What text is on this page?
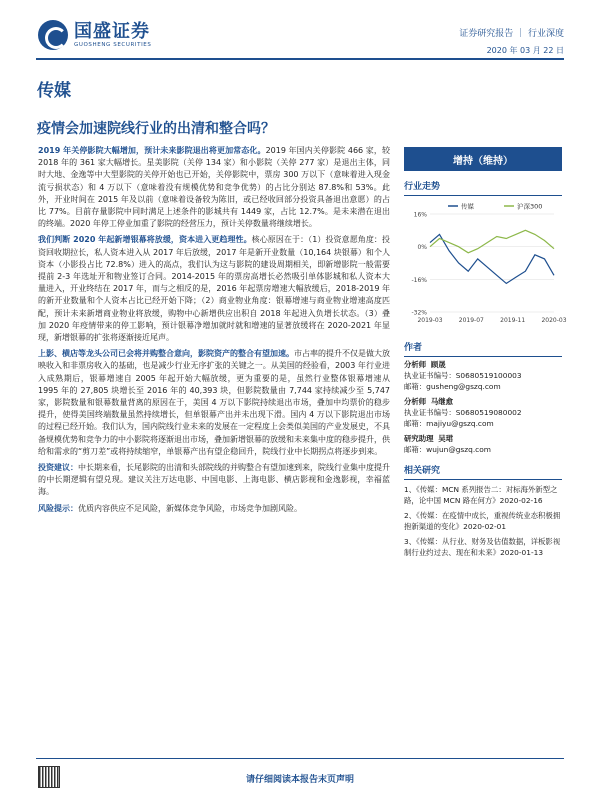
国盛证券
GUOSHENG SECURITIES
证券研究报告 ｜ 行业深度
2020 年 03 月 22 日
传媒
疫情会加速院线行业的出清和整合吗？

2019 年关停影院大幅增加，预计未来影院退出将更加常态化。2019 年国内关停影院 466 家，较 2018 年的 361 家大幅增长。星美影院（关停 134 家）和小影院（关停 277 家）是退出主体，同时大地、金逸等中大型影院的关停开始也已开始，关停影院中，票房 300 万以下（意味着进入现金流亏损状态）和 4 万以下（意味着没有规模优势和竞争优势）的占比分别达 87.8%和 53%。此外，开业时间在 2015 年及以前（意味着设备较为陈旧，或已经收回部分投资具备退出意愿）的占比 77%。目前存量影院中同时满足上述条件的影城共有 1449 家，占比 12.7%。是未来潜在退出的终端。2020 年停工停业加重了影院的经营压力，预计关停数量将继续增长。

我们判断 2020 年起新增银幕将放缓，资本进入更趋理性。核心原因在于：（1）投资意愿角度：投资回收期拉长，私人资本进入从 2017 年后放缓，2017 年是新开业数量（10,164 块银幕）和个人资本（小影投占比 72.8%）进入的高点，我们认为这与影院的建设周期相关，即新增影院一般需要提前 2-3 年选址开和物业签订合同。2014-2015 年的票房高增长必然吸引单体影城和私人资本大量进入，开业终结在 2017 年，而与之相反的是，2016 年起票房增速大幅放缓后，2018-2019 年的新开业数量和个人资本占比已经开始下降；（2）商业物业角度：银幕增速与商业物业增速高度匹配，预计未来新增商业物业将放缓，购物中心新增供应出积自 2018 年起进入负增长状态。（3）叠加 2020 年疫情带来的停工影响，预计银幕净增加就时就和增速的显著放缓将在 2020-2021 年显现，新增银幕的扩张将逐渐接近尾声。

上影、横店等龙头公司已会将并购整合意向，影院资产的整合有望加速。市占率的提升不仅是做大放映收入和非票房收入的基础，也是减少行业无序扩张的关键之一。从美国的经验看，2003 年行业进入成熟期后，银幕增速自 2005 年起开始大幅放缓，更为重要的是，虽然行业整体银幕增速从 1995 年的 27,805 块增长至 2016 年的 40,393 块，但影院数量由 7,744 家持续减少至 5,747 家，影院数量和银幕数量背离的原因在于，美国 4 万以下影院持续退出市场，叠加中均票价的稳步提升，使得美国终端数量虽然持续增长，但单银幕产出并未出现下滑。国内 4 万以下影院退出市场的过程已经开始。我们认为，国内院线行业未来的发展在一定程度上会类似美国的产业发展史，不具备规模优势和竞争力的中小影院将逐渐退出市场，叠加新增银幕的放缓和未来集中度的稳步提升，供给和需求的“剪刀差”或将持续缩窄，单银幕产出有望企稳回升，院线行业中长期拐点将逐步到来。

投资建议：中长期来看，长尾影院的出清和头部院线的并购整合有望加速到来，院线行业集中度提升的中长期逻辑有望兑现。建议关注万达电影、中国电影、上海电影、横店影视和金逸影视，幸福蓝海。

风险提示：优质内容供应不足风险，新媒体竞争风险，市场竞争加剧风险。

增持（维持）
行业走势
16%
0%
-16%
-32%
2019-03	2019-07	2019-11	2020-03
传媒	沪深300
作者
分析师 顾晟
执业证书编号：S0680519100003
邮箱：gusheng@gszq.com
分析师 马继愈
执业证书编号：S0680519080002
邮箱：majiyu@gszq.com
研究助理 吴珺
邮箱：wujun@gszq.com
相关研究
1、《传媒：MCN 系列报告二：对标海外新型之路，论中国 MCN 路在何方》2020-02-16
2、《传媒：在疫情中成长，重视传统业态积极拥抱新渠道的变化》2020-02-01
3、《传媒：从行业、财务及估值数据，详板影视制行业约过去、现在和未来》2020-01-13
请仔细阅读本报告末页声明
